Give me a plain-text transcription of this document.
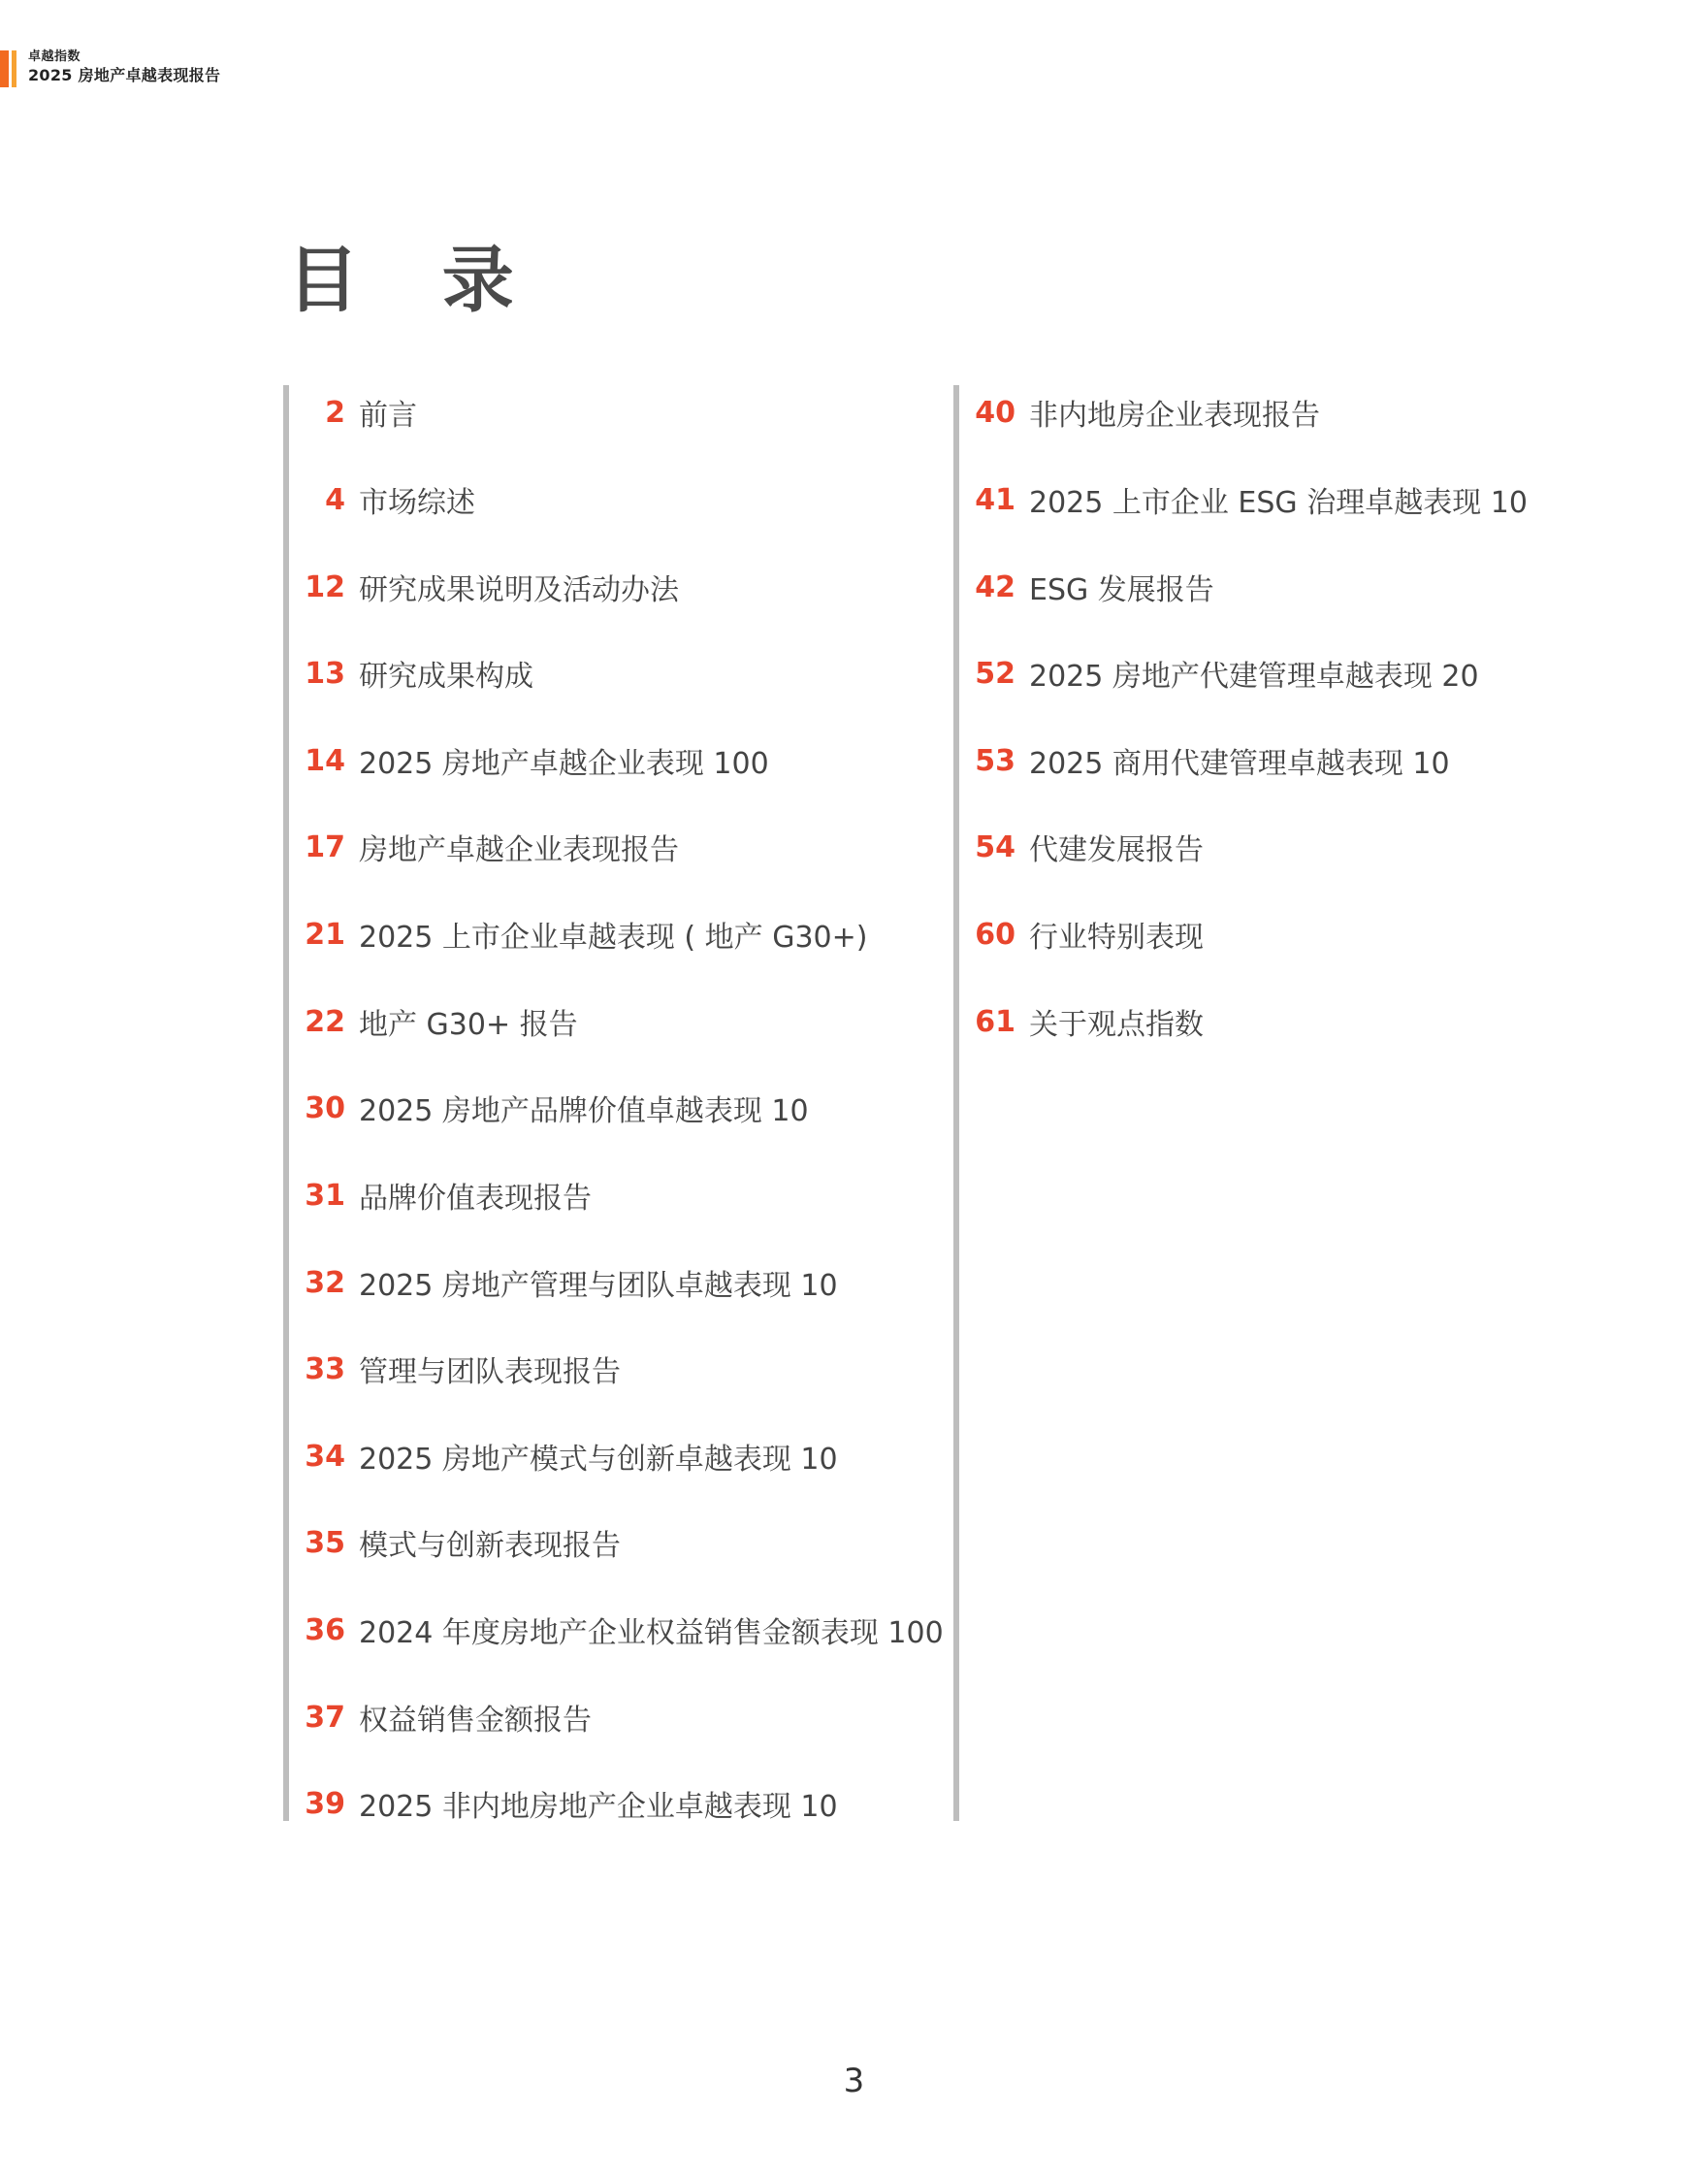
卓越指数
2025 房地产卓越表现报告
目 录
2 前言
4 市场综述
12 研究成果说明及活动办法
13 研究成果构成
14 2025 房地产卓越企业表现 100
17 房地产卓越企业表现报告
21 2025 上市企业卓越表现 ( 地产 G30+)
22 地产 G30+ 报告
30 2025 房地产品牌价值卓越表现 10
31 品牌价值表现报告
32 2025 房地产管理与团队卓越表现 10
33 管理与团队表现报告
34 2025 房地产模式与创新卓越表现 10
35 模式与创新表现报告
36 2024 年度房地产企业权益销售金额表现 100
37 权益销售金额报告
39 2025 非内地房地产企业卓越表现 10
40 非内地房企业表现报告
41 2025 上市企业 ESG 治理卓越表现 10
42 ESG 发展报告
52 2025 房地产代建管理卓越表现 20
53 2025 商用代建管理卓越表现 10
54 代建发展报告
60 行业特别表现
61 关于观点指数
3
